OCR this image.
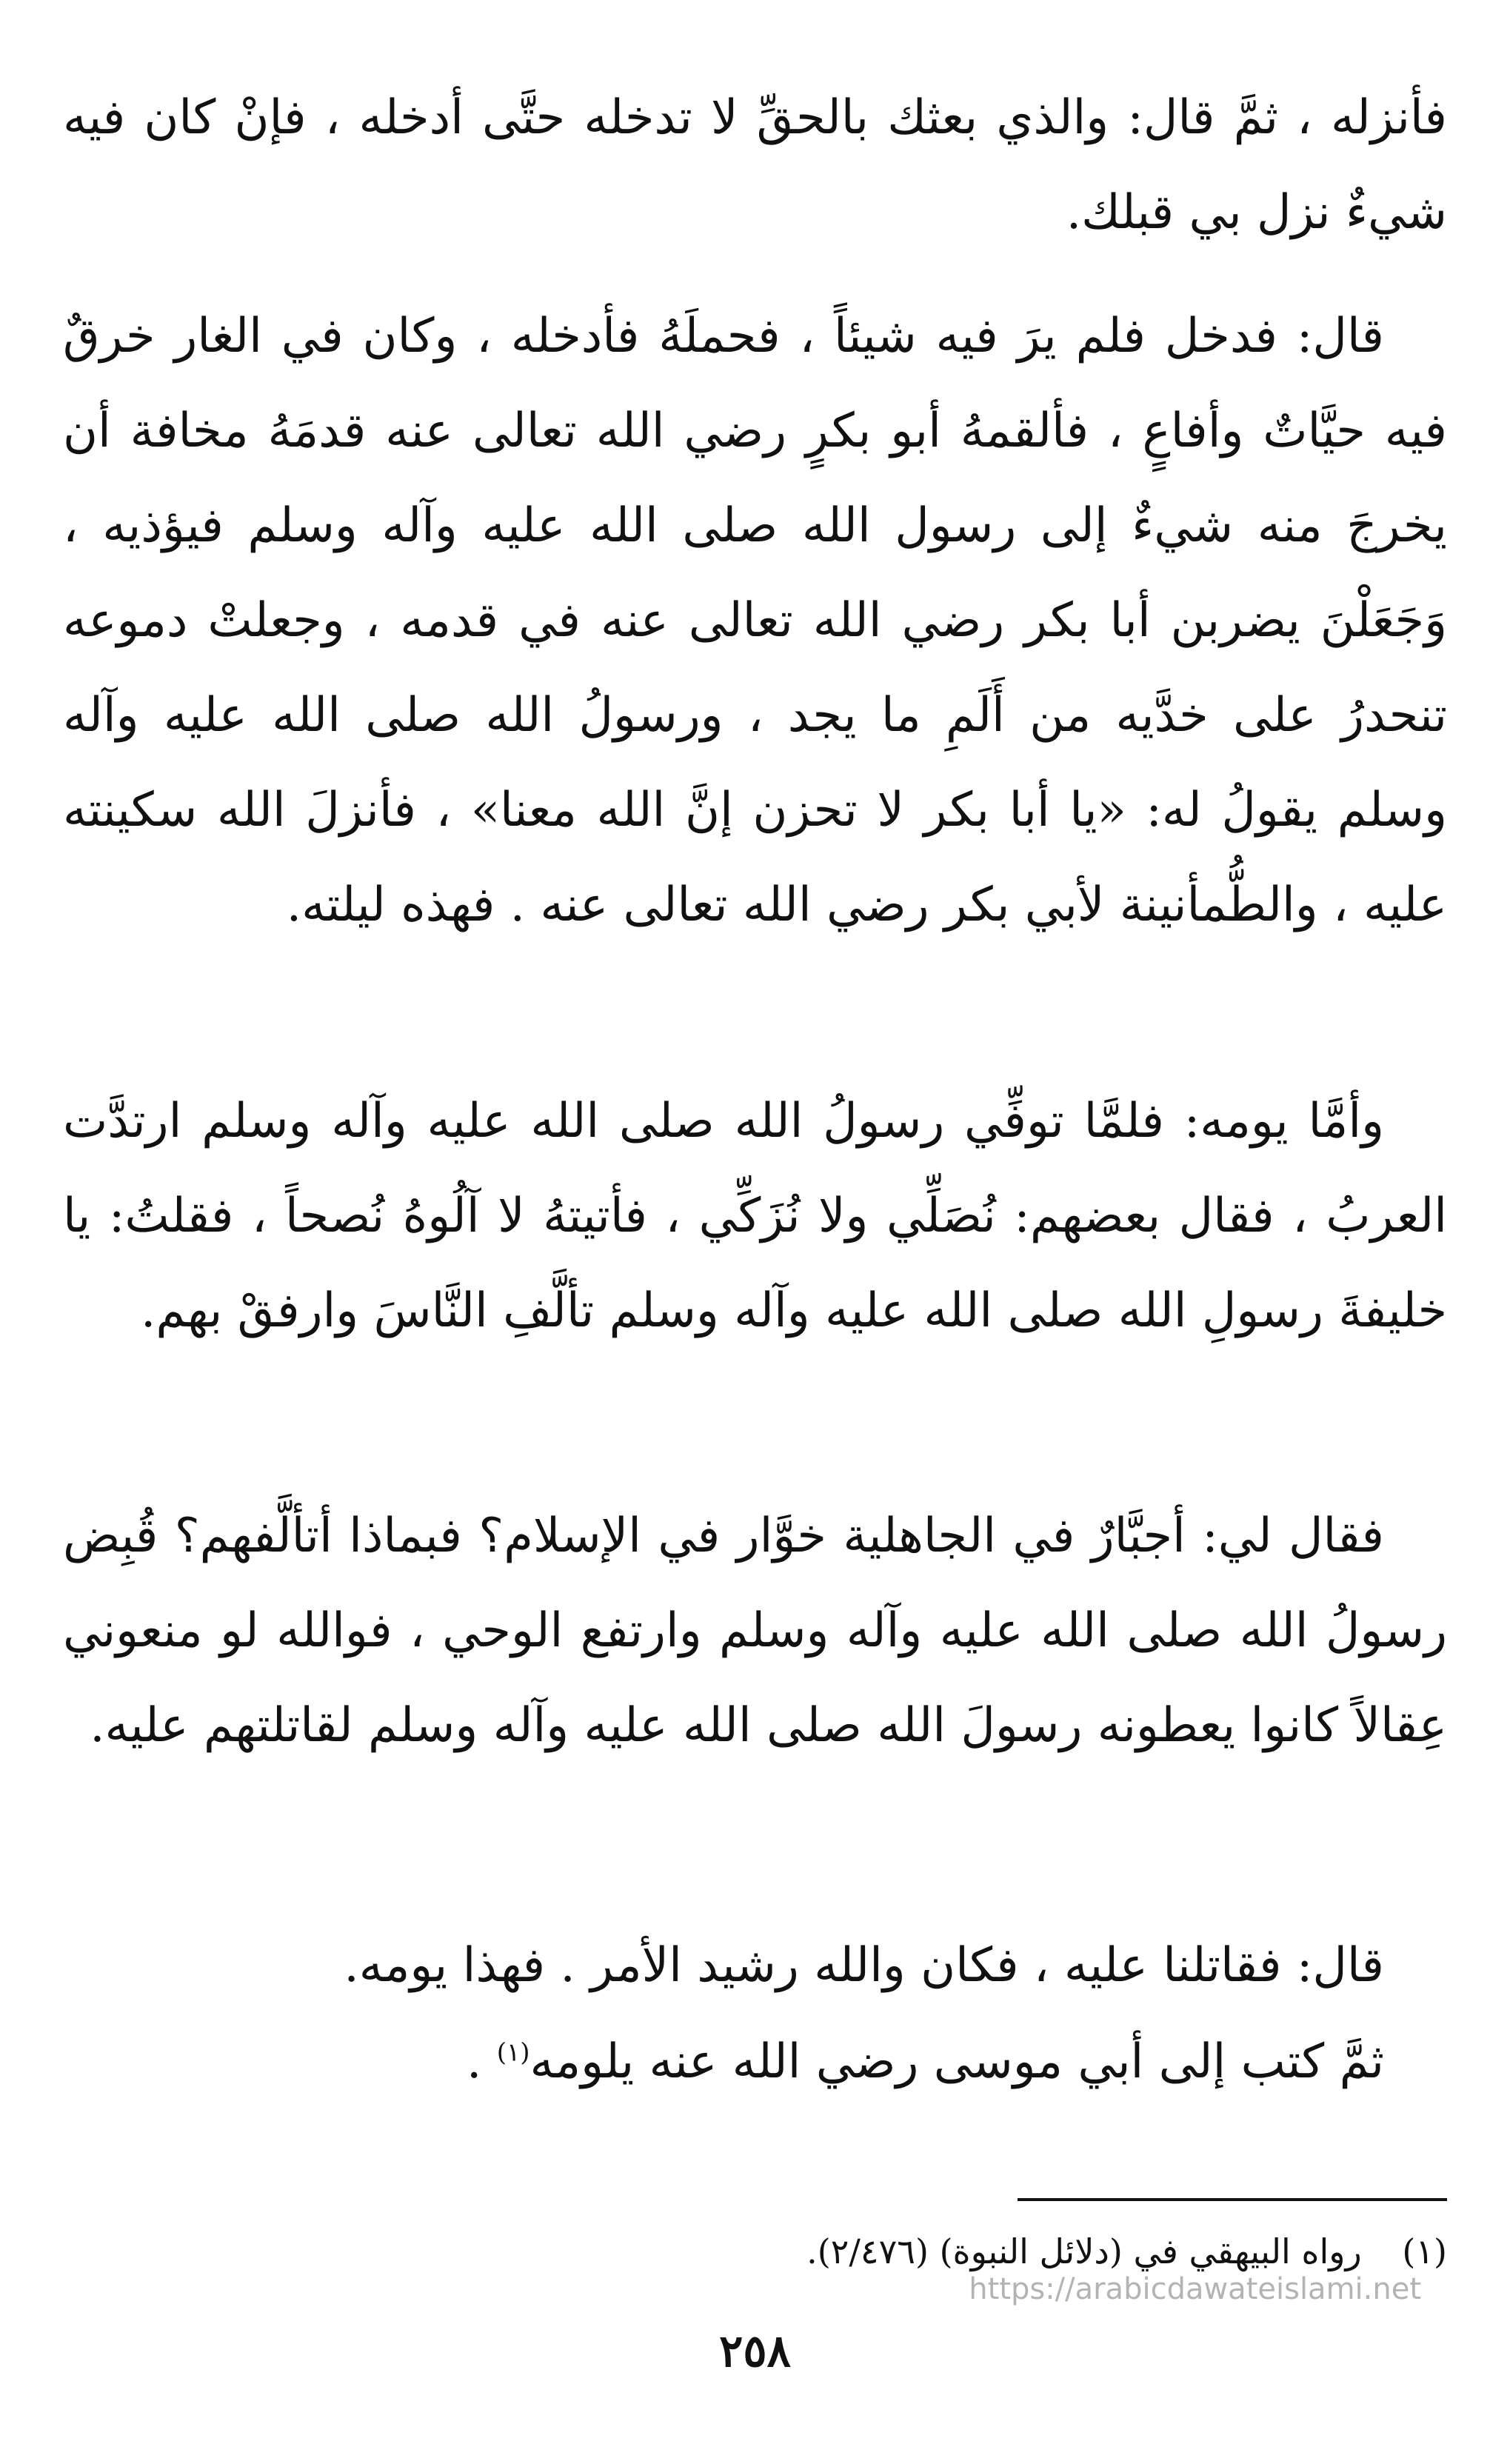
فأنزله ، ثمَّ قال: والذي بعثك بالحقِّ لا تدخله حتَّى أدخله ، فإنْ كان فيه شيءٌ نزل بي قبلك.

قال: فدخل فلم يرَ فيه شيئاً ، فحملَهُ فأدخله ، وكان في الغار خرقٌ فيه حيَّاتٌ وأفاعٍ ، فألقمهُ أبو بكرٍ رضي الله تعالى عنه قدمَهُ مخافة أن يخرجَ منه شيءٌ إلى رسول الله صلى الله عليه وآله وسلم فيؤذيه ، وَجَعَلْنَ يضربن أبا بكر رضي الله تعالى عنه في قدمه ، وجعلتْ دموعه تنحدرُ على خدَّيه من أَلَمِ ما يجد ، ورسولُ الله صلى الله عليه وآله وسلم يقولُ له: «يا أبا بكر لا تحزن إنَّ الله معنا» ، فأنزلَ الله سكينته عليه ، والطُّمأنينة لأبي بكر رضي الله تعالى عنه . فهذه ليلته.

وأمَّا يومه: فلمَّا توفِّي رسولُ الله صلى الله عليه وآله وسلم ارتدَّت العربُ ، فقال بعضهم: نُصَلِّي ولا نُزَكِّي ، فأتيتهُ لا آلُوهُ نُصحاً ، فقلتُ: يا خليفةَ رسولِ الله صلى الله عليه وآله وسلم تألَّفِ النَّاسَ وارفقْ بهم.

فقال لي: أجبَّارٌ في الجاهلية خوَّار في الإسلام؟ فبماذا أتألَّفهم؟ قُبِض رسولُ الله صلى الله عليه وآله وسلم وارتفع الوحي ، فوالله لو منعوني عِقالاً كانوا يعطونه رسولَ الله صلى الله عليه وآله وسلم لقاتلتهم عليه.

قال: فقاتلنا عليه ، فكان والله رشيد الأمر . فهذا يومه.

ثمَّ كتب إلى أبي موسى رضي الله عنه يلومه$^{(١)}$ .

(١) رواه البيهقي في (دلائل النبوة) (٢/٤٧٦).
https://arabicdawateislami.net
٢٥٨
